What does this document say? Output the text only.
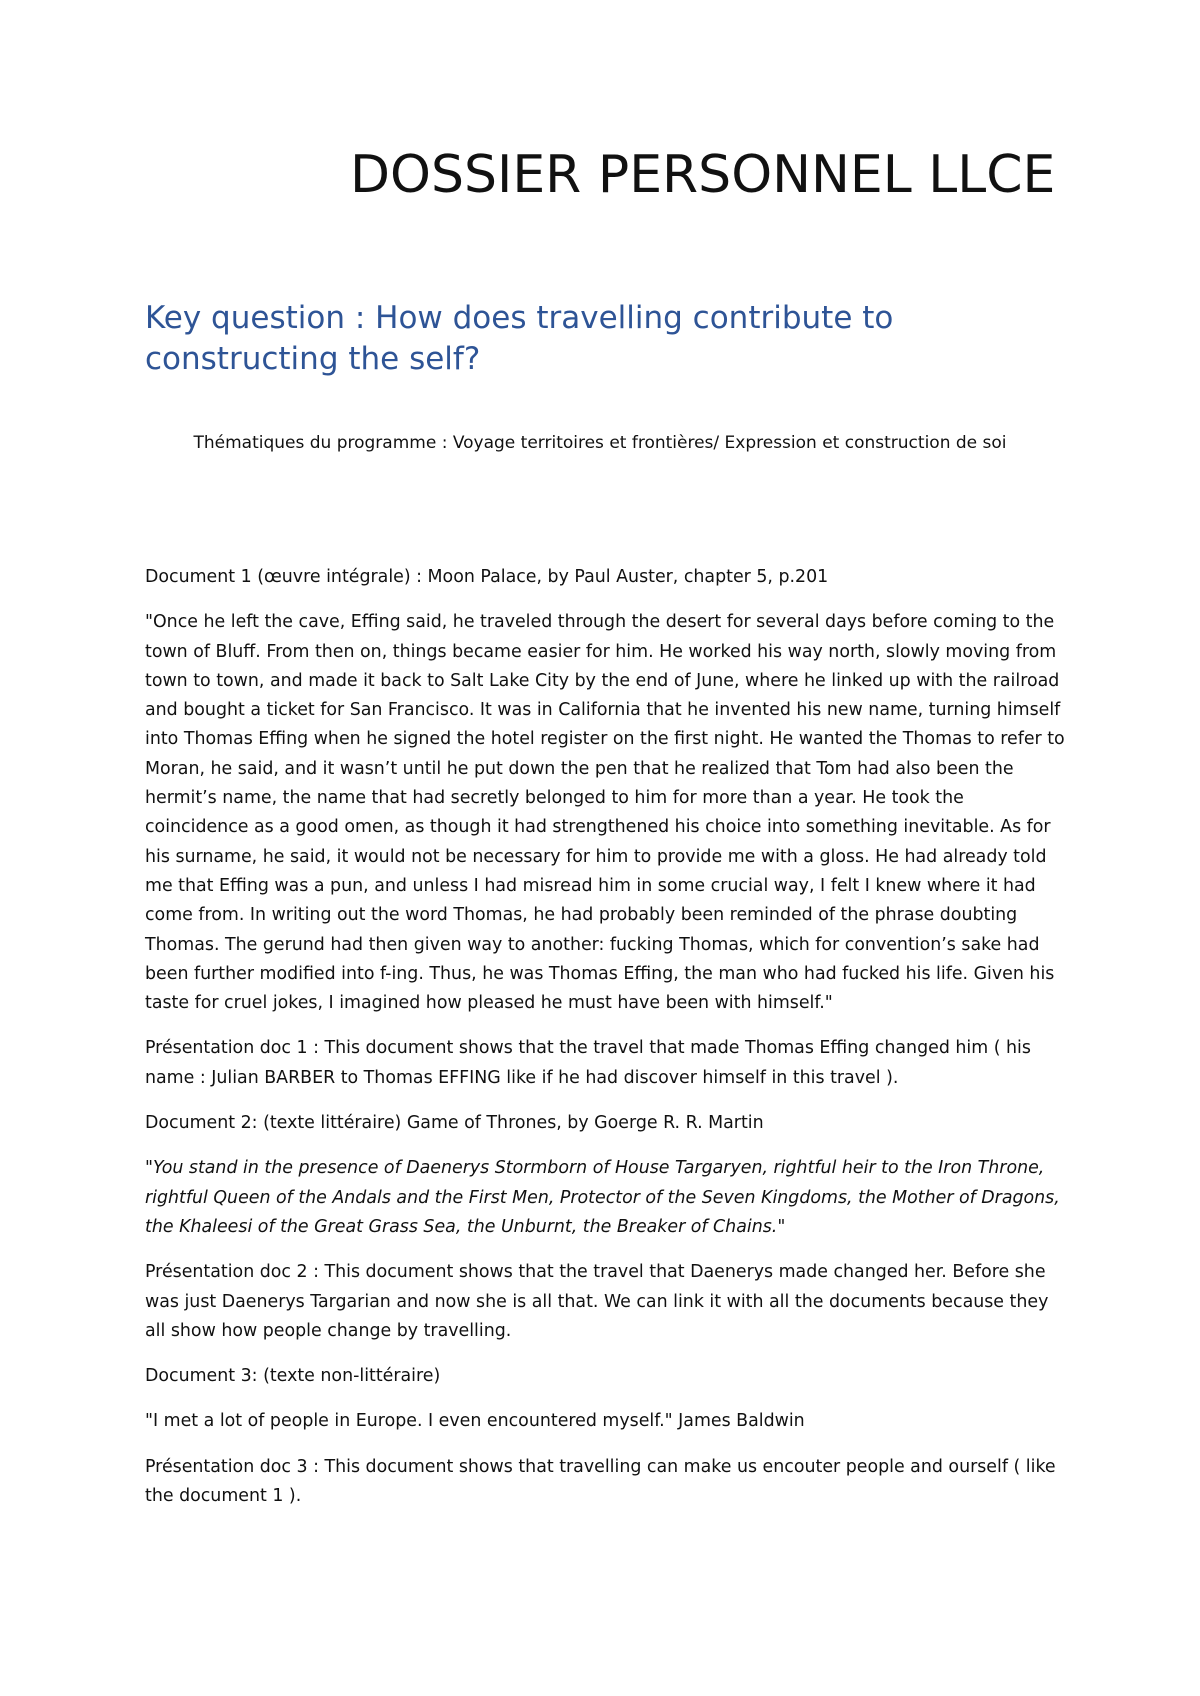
DOSSIER PERSONNEL LLCE

Key question : How does travelling contribute to constructing the self?

Thématiques du programme : Voyage territoires et frontières/ Expression et construction de soi

Document 1 (œuvre intégrale) : Moon Palace, by Paul Auster, chapter 5, p.201

"Once he left the cave, Effing said, he traveled through the desert for several days before coming to the town of Bluff. From then on, things became easier for him. He worked his way north, slowly moving from town to town, and made it back to Salt Lake City by the end of June, where he linked up with the railroad and bought a ticket for San Francisco. It was in California that he invented his new name, turning himself into Thomas Effing when he signed the hotel register on the first night. He wanted the Thomas to refer to Moran, he said, and it wasn’t until he put down the pen that he realized that Tom had also been the hermit’s name, the name that had secretly belonged to him for more than a year. He took the coincidence as a good omen, as though it had strengthened his choice into something inevitable. As for his surname, he said, it would not be necessary for him to provide me with a gloss. He had already told me that Effing was a pun, and unless I had misread him in some crucial way, I felt I knew where it had come from. In writing out the word Thomas, he had probably been reminded of the phrase doubting Thomas. The gerund had then given way to another: fucking Thomas, which for convention’s sake had been further modified into f-ing. Thus, he was Thomas Effing, the man who had fucked his life. Given his taste for cruel jokes, I imagined how pleased he must have been with himself."

Présentation doc 1 : This document shows that the travel that made Thomas Effing changed him ( his name : Julian BARBER to Thomas EFFING like if he had discover himself in this travel ).

Document 2: (texte littéraire) Game of Thrones, by Goerge R. R. Martin

"You stand in the presence of Daenerys Stormborn of House Targaryen, rightful heir to the Iron Throne, rightful Queen of the Andals and the First Men, Protector of the Seven Kingdoms, the Mother of Dragons, the Khaleesi of the Great Grass Sea, the Unburnt, the Breaker of Chains."

Présentation doc 2 : This document shows that the travel that Daenerys made changed her. Before she was just Daenerys Targarian and now she is all that. We can link it with all the documents because they all show how people change by travelling.

Document 3: (texte non-littéraire)

"I met a lot of people in Europe. I even encountered myself." James Baldwin

Présentation doc 3 : This document shows that travelling can make us encouter people and ourself ( like the document 1 ).
